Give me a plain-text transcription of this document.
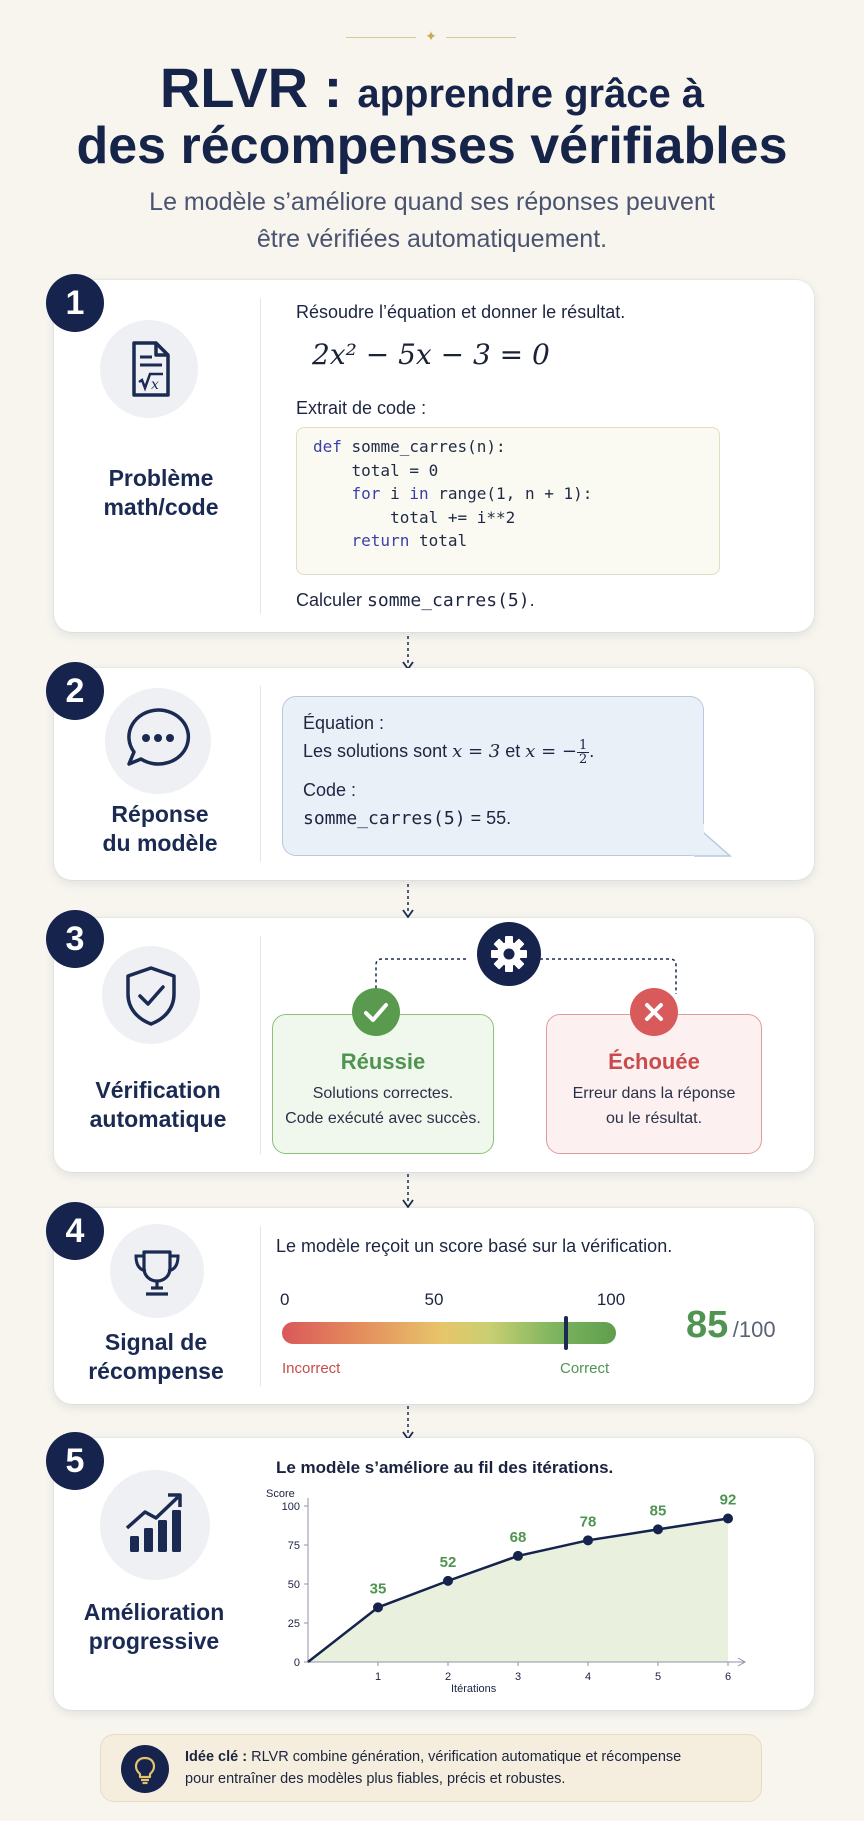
✦
RLVR : apprendre grâce à
des récompenses vérifiables
Le modèle s’améliore quand ses réponses peuvent
être vérifiées automatiquement.
x
Problème
math/code
Résoudre l’équation et donner le résultat.
2x² − 5x − 3 = 0
Extrait de code :
def somme_carres(n):
total = 0
for i in range(1, n + 1):
total += i**2
return total
Calculer somme_carres(5).
1
Réponse
du modèle
Équation :
Les solutions sont x = 3 et x = − $\frac{1}{2}$ .
Code :
somme_carres(5) = 55.
2
Vérification
automatique
Réussie
Solutions correctes.
Code exécuté avec succès.
Échouée
Erreur dans la réponse
ou le résultat.
3
Signal de
récompense
Le modèle reçoit un score basé sur la vérification.
0	50	100
Incorrect	Correct
85 /100
4
Amélioration
progressive
Le modèle s’améliore au fil des itérations.
Score
Itérations
0
25
50
75
100
1	2	3	4	5	6
35
52
68
78
85
92
5
Idée clé : RLVR combine génération, vérification automatique et récompense
pour entraîner des modèles plus fiables, précis et robustes.
